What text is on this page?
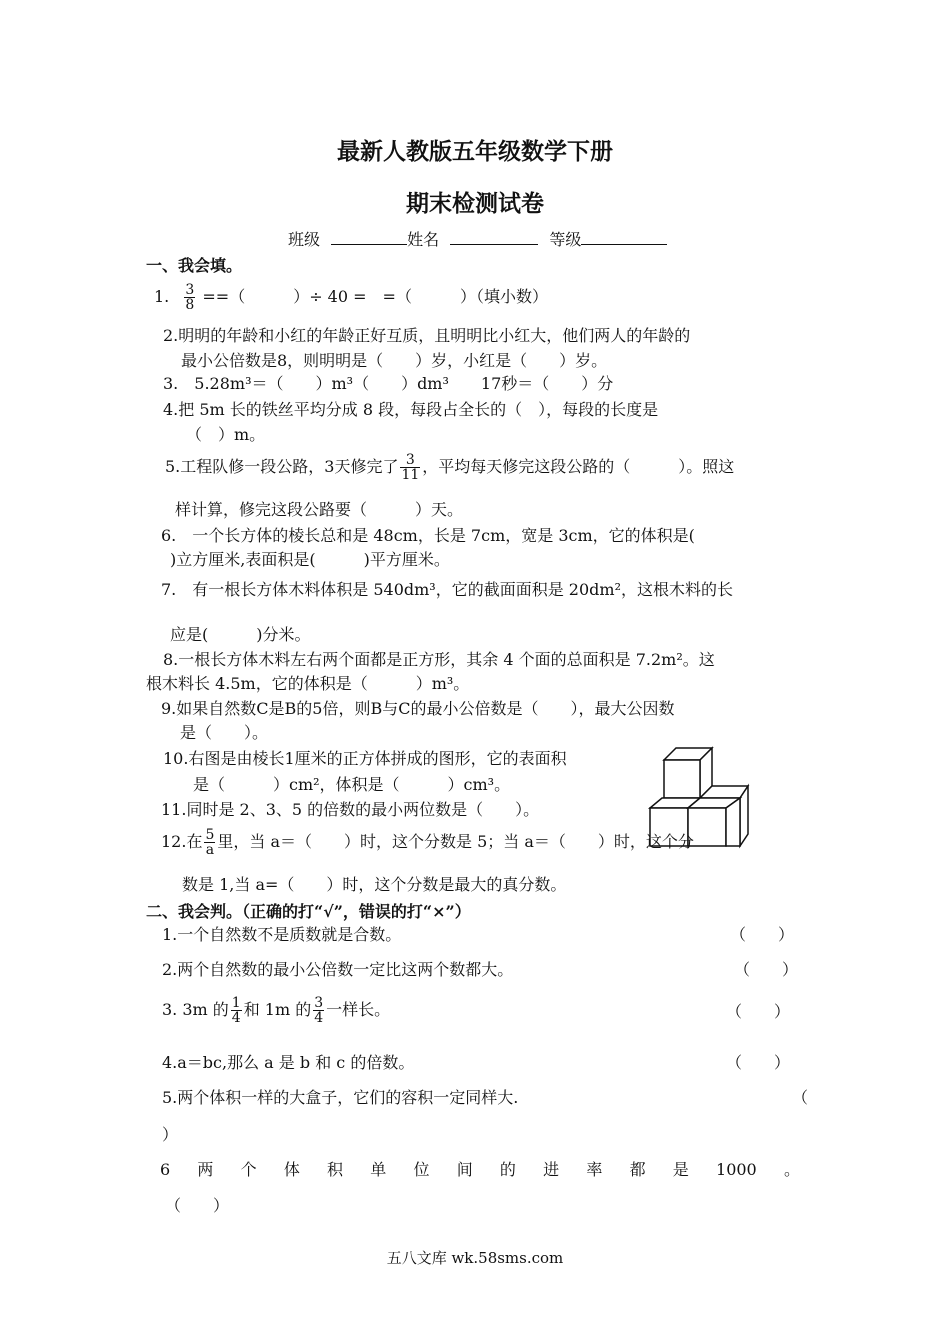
最新人教版五年级数学下册
期末检测试卷
班级	姓名	等级
一、我会填。
1. $\frac{3}{8}$ ==（　　　）÷ 40 =　=（　　　）（填小数）
2.明明的年龄和小红的年龄正好互质，且明明比小红大，他们两人的年龄的
最小公倍数是8，则明明是（　　）岁，小红是（　　）岁。
3.　5.28m³＝（　　）m³（　　）dm³　　17秒＝（　　）分
4.把 5m 长的铁丝平均分成 8 段，每段占全长的（　），每段的长度是
（　）m。
5.工程队修一段公路，3天修完了 $\frac{3}{11}$ ，平均每天修完这段公路的（　　　）。照这
样计算，修完这段公路要（　　　）天。
6.　一个长方体的棱长总和是 48cm，长是 7cm，宽是 3cm，它的体积是(
)立方厘米,表面积是(　　　)平方厘米。
7.　有一根长方体木料体积是 540dm³，它的截面面积是 20dm²，这根木料的长
应是(　　　)分米。
8.一根长方体木料左右两个面都是正方形，其余 4 个面的总面积是 7.2m²。这
根木料长 4.5m，它的体积是（　　　）m³。
9.如果自然数C是B的5倍，则B与C的最小公倍数是（　　），最大公因数
是（　　）。
10.右图是由棱长1厘米的正方体拼成的图形，它的表面积
是（　　　）cm²，体积是（　　　）cm³。
11.同时是 2、3、5 的倍数的最小两位数是（　　）。
12.在 $\frac{5}{a}$ 里，当 a＝（　　）时，这个分数是 5；当 a＝（　　）时，这个分
数是 1,当 a=（　　）时，这个分数是最大的真分数。
二、我会判。（正确的打“√”，错误的打“×”）
1.一个自然数不是质数就是合数。	（　　）
2.两个自然数的最小公倍数一定比这两个数都大。	（　　）
3. 3m 的 $\frac{1}{4}$ 和 1m 的 $\frac{3}{4}$ 一样长。	（　　）
4.a＝bc,那么 a 是 b 和 c 的倍数。	（　　）
5.两个体积一样的大盒子，它们的容积一定同样大.	（
）
6 两 个 体 积 单 位 间 的 进 率 都 是 1000 。
（　　）
五八文库 wk.58sms.com
